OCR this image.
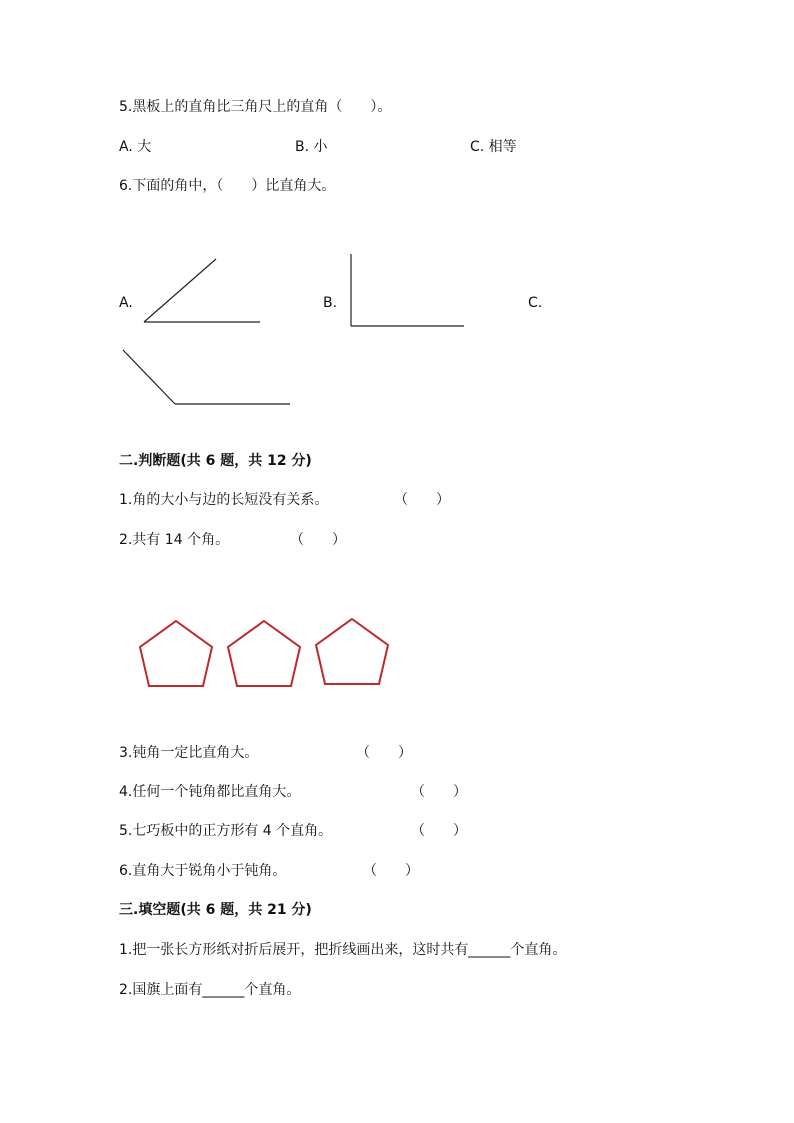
5.黑板上的直角比三角尺上的直角（　　）。
A. 大	B. 小	C. 相等
6.下面的角中，（　　）比直角大。
A.	B.	C.
二.判断题(共 6 题，共 12 分)
1.角的大小与边的长短没有关系。	（　　）
2.共有 14 个角。	（　　）
3.钝角一定比直角大。	（　　）
4.任何一个钝角都比直角大。	（　　）
5.七巧板中的正方形有 4 个直角。	（　　）
6.直角大于锐角小于钝角。	（　　）
三.填空题(共 6 题，共 21 分)
1.把一张长方形纸对折后展开，把折线画出来，这时共有______个直角。
2.国旗上面有______个直角。
